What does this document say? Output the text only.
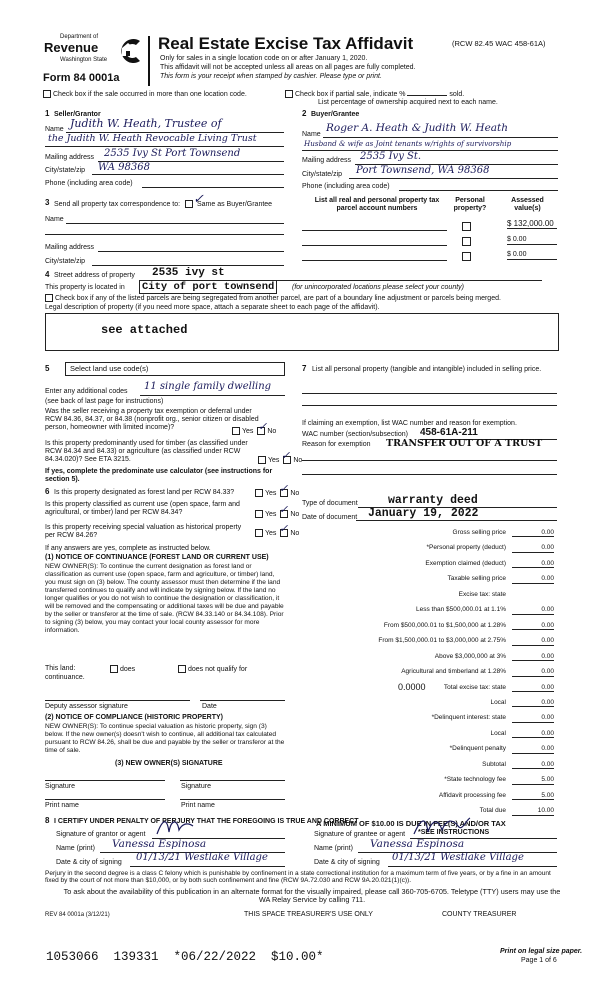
Department of
Revenue
Washington State
Form 84 0001a
Real Estate Excise Tax Affidavit	(RCW 82.45 WAC 458-61A)
Only for sales in a single location code on or after January 1, 2020.
This affidavit will not be accepted unless all areas on all pages are fully completed.
This form is your receipt when stamped by cashier. Please type or print.
Check box if the sale occurred in more than one location code.	Check box if partial sale, indicate %	sold.
List percentage of ownership acquired next to each name.
1 Seller/Grantor
Name Judith W. Heath, Trustee of
the Judith W. Heath Revocable Living Trust
Mailing address 2535 Ivy St Port Townsend
City/state/zip WA 98368
Phone (including area code)
2 Buyer/Grantee
Name
Roger A. Heath & Judith W. Heath
Husband & wife as Joint tenants w/rights of survivorship
Mailing address 2535 Ivy St.
City/state/zip Port Townsend, WA 98368
Phone (including area code)
3 Send all property tax correspondence to: Same as Buyer/Grantee
✓
Name
Mailing address
City/state/zip
List all real and personal property tax parcel account numbers
Personal property?
Assessed value(s)
$ 132,000.00
$ 0.00
$ 0.00
4 Street address of property 2535 ivy st
This property is located in City of port townsend	(for unincorporated locations please select your county)
Check box if any of the listed parcels are being segregated from another parcel, are part of a boundary line adjustment or parcels being merged.
Legal description of property (if you need more space, attach a separate sheet to each page of the affidavit).
see attached
5	Select land use code(s)
Enter any additional codes 11 single family dwelling
(see back of last page for instructions)
Was the seller receiving a property tax exemption or deferral under RCW 84.36, 84.37, or 84.38 (nonprofit org., senior citizen or disabled person, homeowner with limited income)?
Yes No
✓
Is this property predominantly used for timber (as classified under RCW 84.34 and 84.33) or agriculture (as classified under RCW 84.34.020)? See ETA 3215.	Yes No
✓
If yes, complete the predominate use calculator (see instructions for section 5).
6 Is this property designated as forest land per RCW 84.33?	Yes No
✓
Is this property classified as current use (open space, farm and agricultural, or timber) land per RCW 84.34?	Yes No
✓
Is this property receiving special valuation as historical property per RCW 84.26?	Yes No
✓
If any answers are yes, complete as instructed below.
(1) NOTICE OF CONTINUANCE (FOREST LAND OR CURRENT USE)
NEW OWNER(S): To continue the current designation as forest land or classification as current use (open space, farm and agriculture, or timber) land, you must sign on (3) below. The county assessor must then determine if the land transferred continues to qualify and will indicate by signing below. If the land no longer qualifies or you do not wish to continue the designation or classification, it will be removed and the compensating or additional taxes will be due and payable by the seller or transferor at the time of sale. (RCW 84.33.140 or 84.34.108). Prior to signing (3) below, you may contact your local county assessor for more information.
This land:	does	does not qualify for
continuance.
Deputy assessor signature	Date
(2) NOTICE OF COMPLIANCE (HISTORIC PROPERTY)
NEW OWNER(S): To continue special valuation as historic property, sign (3) below. If the new owner(s) doesn't wish to continue, all additional tax calculated pursuant to RCW 84.26, shall be due and payable by the seller or transferor at the time of sale.
(3) NEW OWNER(S) SIGNATURE
Signature	Signature
Print name	Print name
7 List all personal property (tangible and intangible) included in selling price.
If claiming an exemption, list WAC number and reason for exemption.
WAC number (section/subsection) 458-61A-211
Reason for exemption TRANSFER OUT OF A TRUST
Type of document	warranty deed
Date of document January 19, 2022
Gross selling price	0.00
*Personal property (deduct)	0.00
Exemption claimed (deduct)	0.00
Taxable selling price	0.00
Excise tax: state
Less than $500,000.01 at 1.1%	0.00
From $500,000.01 to $1,500,000 at 1.28%	0.00
From $1,500,000.01 to $3,000,000 at 2.75%	0.00
Above $3,000,000 at 3%	0.00
Agricultural and timberland at 1.28%	0.00
Total excise tax: state	0.00
Local	0.00
*Delinquent interest: state	0.00
Local	0.00
*Delinquent penalty	0.00
Subtotal	0.00
*State technology fee	5.00
Affidavit processing fee	5.00
Total due	10.00
0.0000
A MINIMUM OF $10.00 IS DUE IN FEE(S) AND/OR TAX
*SEE INSTRUCTIONS
8 I CERTIFY UNDER PENALTY OF PERJURY THAT THE FOREGOING IS TRUE AND CORRECT
Signature of grantor or agent
Name (print) Vanessa Espinosa
Date & city of signing 01/13/21 Westlake Village
Signature of grantee or agent
Name (print) Vanessa Espinosa
Date & city of signing 01/13/21 Westlake Village
Perjury in the second degree is a class C felony which is punishable by confinement in a state correctional institution for a maximum term of five years, or by a fine in an amount fixed by the court of not more than $10,000, or by both such confinement and fine (RCW 9A.72.030 and RCW 9A.20.021(1)(c)).
To ask about the availability of this publication in an alternate format for the visually impaired, please call 360-705-6705. Teletype (TTY) users may use the WA Relay Service by calling 711.
REV 84 0001a (3/12/21)	THIS SPACE TREASURER'S USE ONLY	COUNTY TREASURER
Print on legal size paper.
Page 1 of 6
1053066  139331  *06/22/2022  $10.00*
